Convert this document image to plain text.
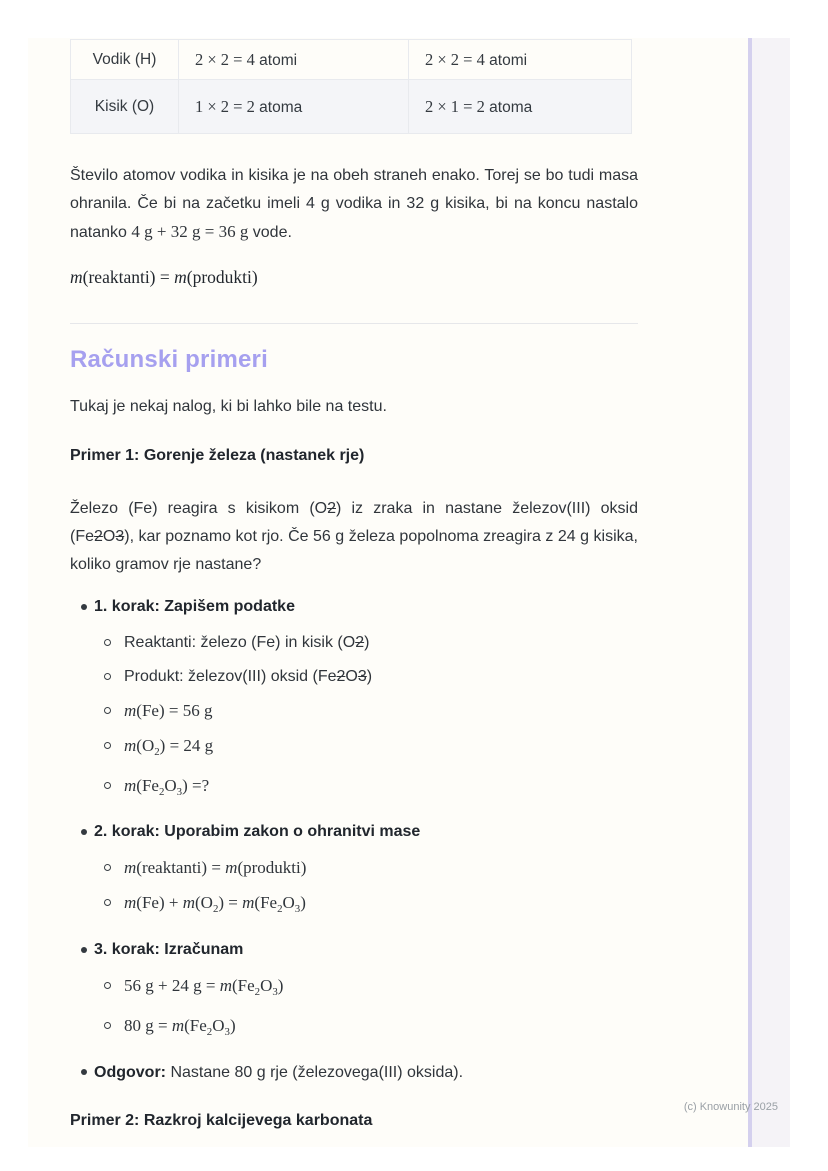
Vodik (H)	2 × 2 = 4 atomi	2 × 2 = 4 atomi
Kisik (O)	1 × 2 = 2 atoma	2 × 1 = 2 atoma

Število atomov vodika in kisika je na obeh straneh enako. Torej se bo tudi masa ohranila. Če bi na začetku imeli 4 g vodika in 32 g kisika, bi na koncu nastalo natanko 4 g + 32 g = 36 g vode.

m(reaktanti) = m(produkti)

Računski primeri

Tukaj je nekaj nalog, ki bi lahko bile na testu.

Primer 1: Gorenje železa (nastanek rje)

Železo (Fe) reagira s kisikom (O2) iz zraka in nastane železov(III) oksid (Fe2O3), kar poznamo kot rjo. Če 56 g železa popolnoma zreagira z 24 g kisika, koliko gramov rje nastane?

1. korak: Zapišem podatke

Reaktanti: železo (Fe) in kisik (O2)
Produkt: železov(III) oksid (Fe2O3)
m(Fe) = 56 g
$m(O_2) = 24$ g
$m(Fe_2O_3)$ =?

2. korak: Uporabim zakon o ohranitvi mase

m(reaktanti) = m(produkti)
$m(Fe) + m(O_2) = m(Fe_2O_3)$

3. korak: Izračunam

56 g + 24 $g = m(Fe_2O_3)$
80 $g = m(Fe_2O_3)$
Odgovor: Nastane 80 g rje (železovega(III) oksida).

Primer 2: Razkroj kalcijevega karbonata

(c) Knowunity 2025
